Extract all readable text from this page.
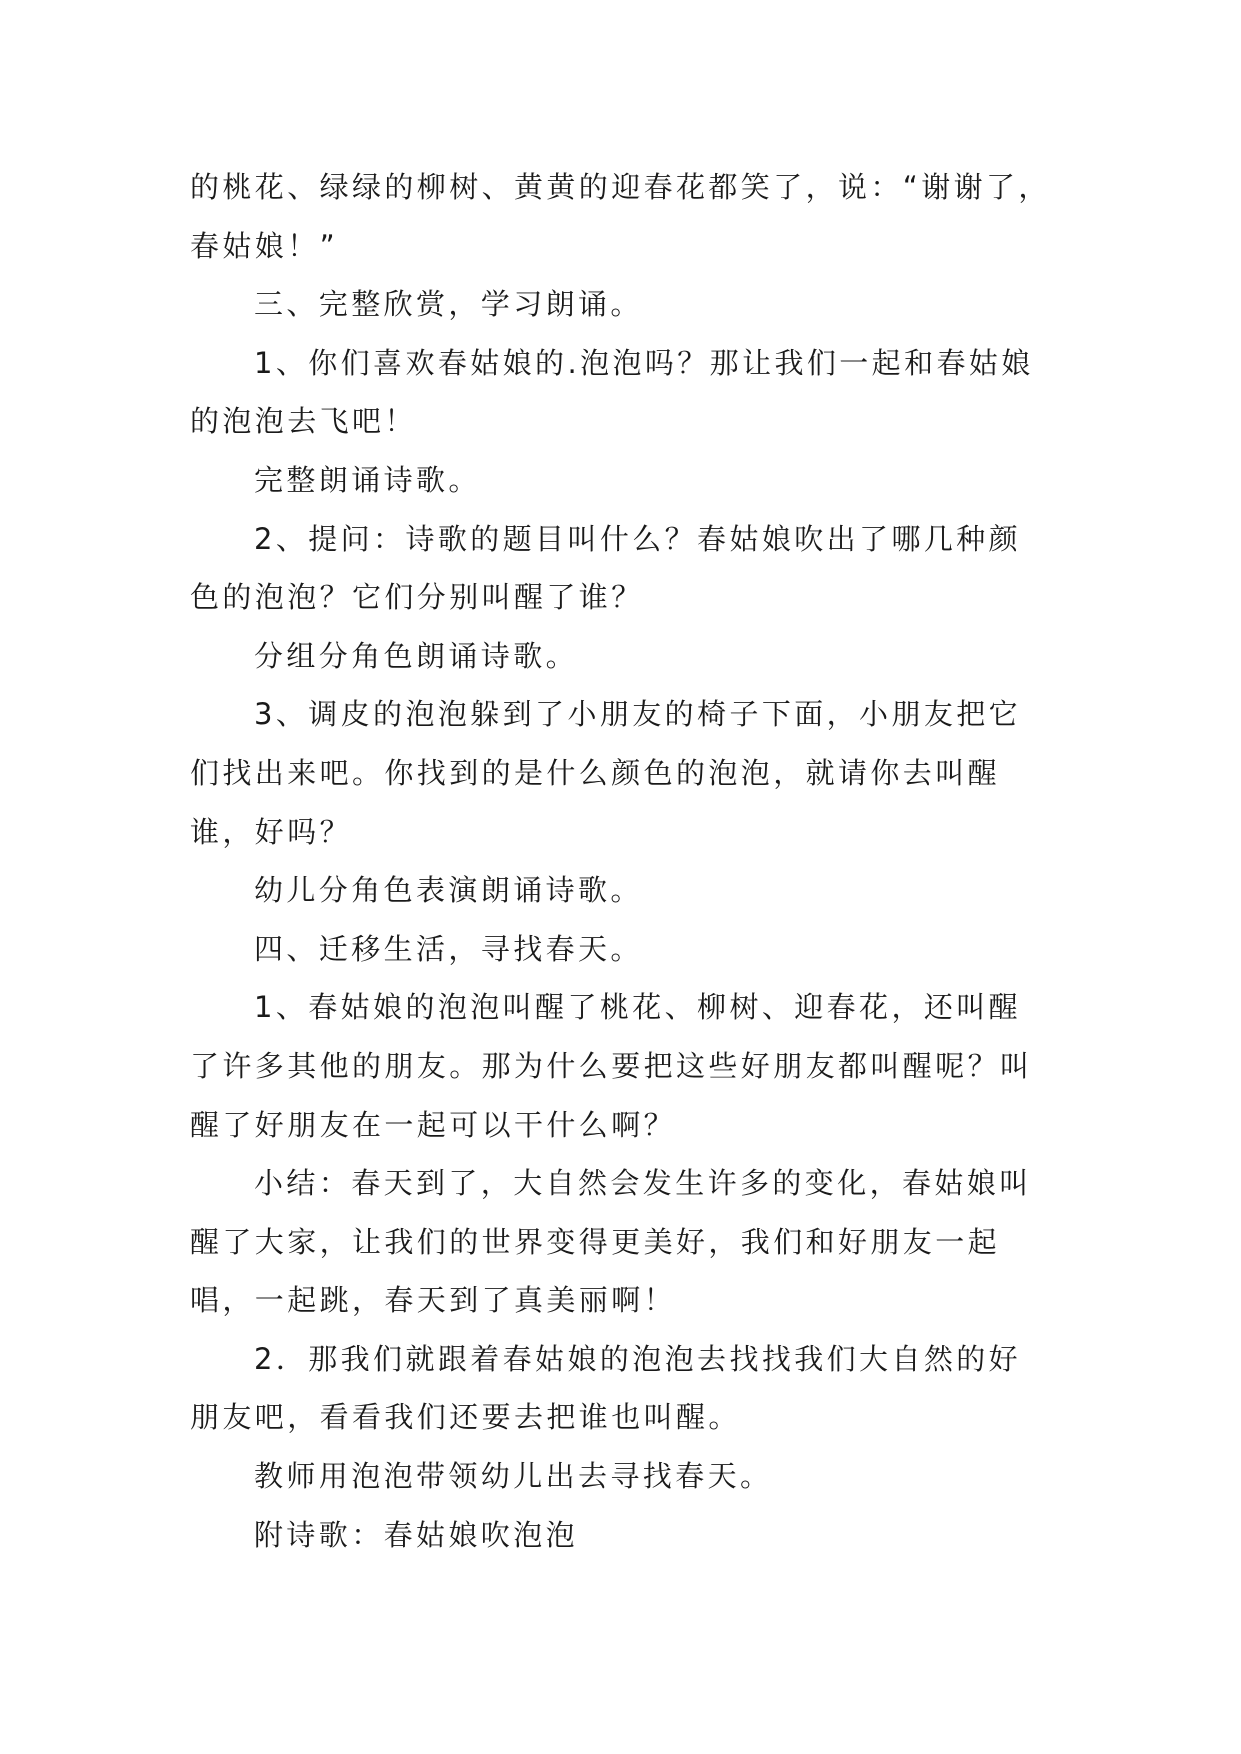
的桃花、绿绿的柳树、黄黄的迎春花都笑了，说：“谢谢了，春姑娘！”

三、完整欣赏，学习朗诵。

1、你们喜欢春姑娘的.泡泡吗？那让我们一起和春姑娘的泡泡去飞吧！

完整朗诵诗歌。

2、提问：诗歌的题目叫什么？春姑娘吹出了哪几种颜色的泡泡？它们分别叫醒了谁？

分组分角色朗诵诗歌。

3、调皮的泡泡躲到了小朋友的椅子下面，小朋友把它们找出来吧。你找到的是什么颜色的泡泡，就请你去叫醒谁，好吗？

幼儿分角色表演朗诵诗歌。

四、迁移生活，寻找春天。

1、春姑娘的泡泡叫醒了桃花、柳树、迎春花，还叫醒了许多其他的朋友。那为什么要把这些好朋友都叫醒呢？叫醒了好朋友在一起可以干什么啊？

小结：春天到了，大自然会发生许多的变化，春姑娘叫醒了大家，让我们的世界变得更美好，我们和好朋友一起唱，一起跳，春天到了真美丽啊！

2．那我们就跟着春姑娘的泡泡去找找我们大自然的好朋友吧，看看我们还要去把谁也叫醒。

教师用泡泡带领幼儿出去寻找春天。

附诗歌：春姑娘吹泡泡
